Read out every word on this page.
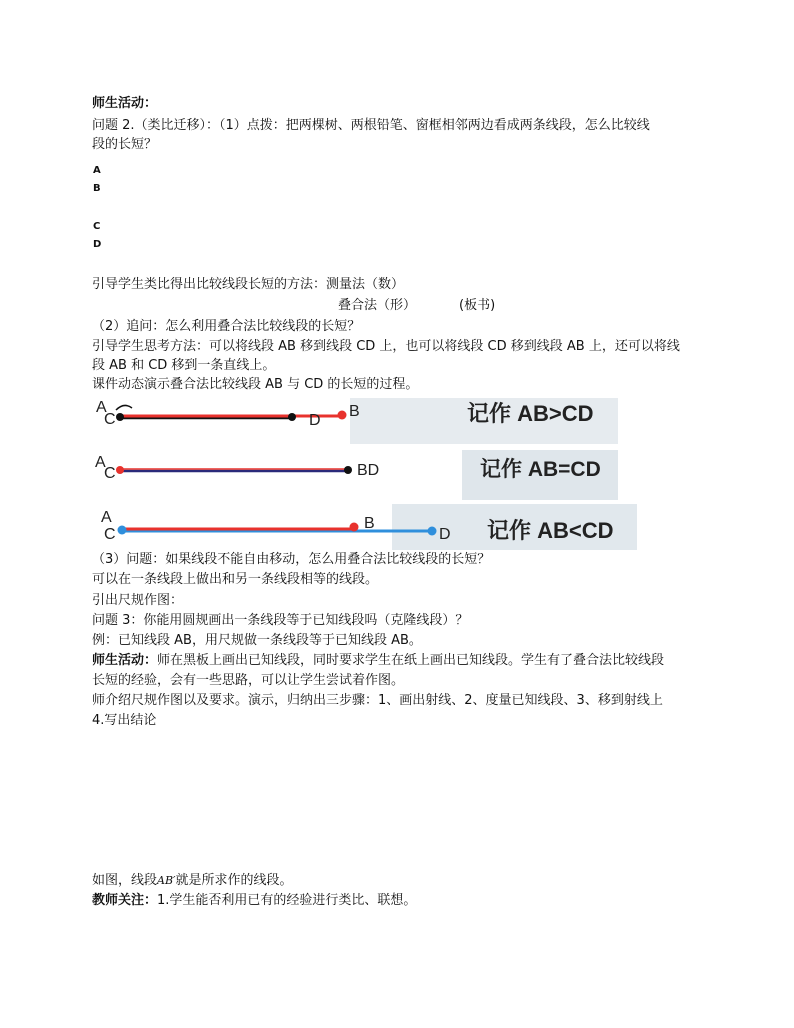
师生活动：
问题 2.（类比迁移）：（1）点拨：把两棵树、两根铅笔、窗框相邻两边看成两条线段，怎么比较线
段的长短？
A
B
C
D
引导学生类比得出比较线段长短的方法：测量法（数）
叠合法（形）	(板书)
（2）追问：怎么利用叠合法比较线段的长短？
引导学生思考方法：可以将线段 AB 移到线段 CD 上，也可以将线段 CD 移到线段 AB 上，还可以将线
段 AB 和 CD 移到一条直线上。
课件动态演示叠合法比较线段 AB 与 CD 的长短的过程。
A
C	D
B	记作 AB>CD
A
C	BD	记作 AB=CD
A
C
B
D 记作 AB<CD
（3）问题：如果线段不能自由移动，怎么用叠合法比较线段的长短？
可以在一条线段上做出和另一条线段相等的线段。
引出尺规作图：
问题 3：你能用圆规画出一条线段等于已知线段吗（克隆线段）？
例：已知线段 AB，用尺规做一条线段等于已知线段 AB。
师生活动：师在黑板上画出已知线段，同时要求学生在纸上画出已知线段。学生有了叠合法比较线段
长短的经验，会有一些思路，可以让学生尝试着作图。
师介绍尺规作图以及要求。演示，归纳出三步骤：1、画出射线、2、度量已知线段、3、移到射线上
4.写出结论
如图，线段AB′就是所求作的线段。
教师关注：1.学生能否利用已有的经验进行类比、联想。
